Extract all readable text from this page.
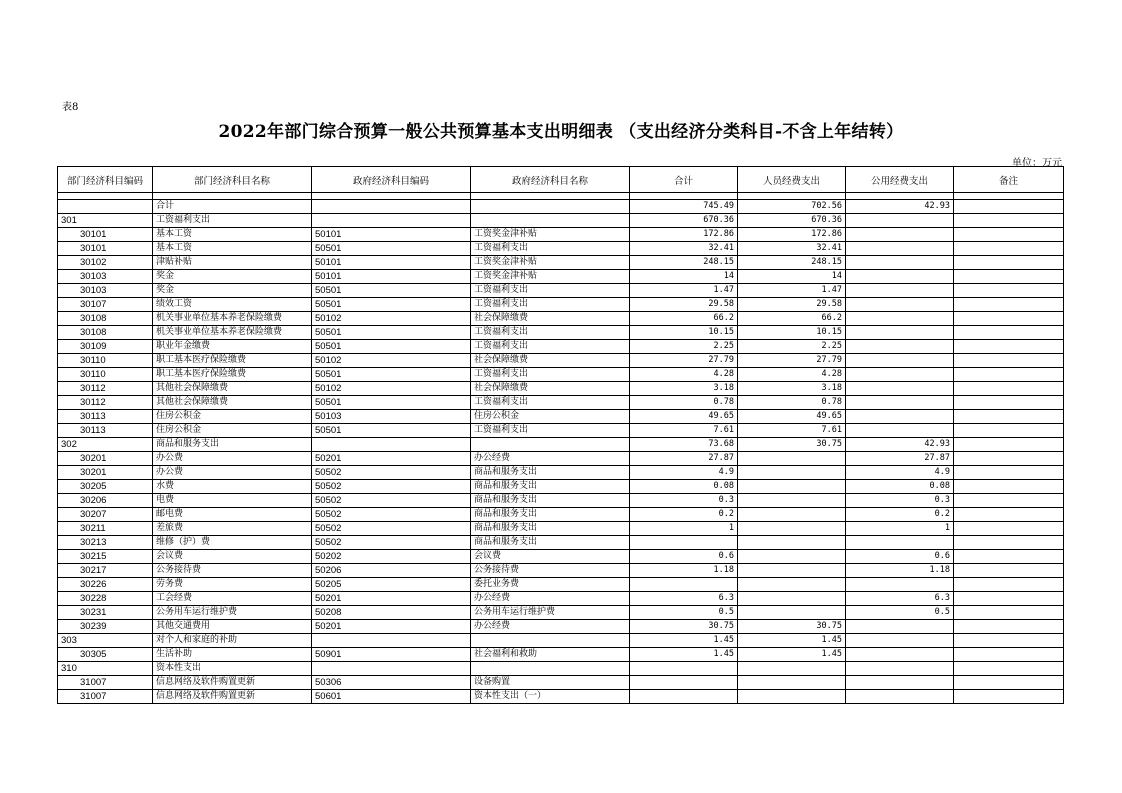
表8
2022年部门综合预算一般公共预算基本支出明细表 （支出经济分类科目-不含上年结转）
单位：万元
部门经济科目编码	部门经济科目名称	政府经济科目编码	政府经济科目名称	合计	人员经费支出	公用经费支出	备注

	合计			745.49	702.56	42.93	
301	工资福利支出			670.36	670.36		
30101	基本工资	50101	工资奖金津补贴	172.86	172.86		
30101	基本工资	50501	工资福利支出	32.41	32.41		
30102	津贴补贴	50101	工资奖金津补贴	248.15	248.15		
30103	奖金	50101	工资奖金津补贴	14	14		
30103	奖金	50501	工资福利支出	1.47	1.47		
30107	绩效工资	50501	工资福利支出	29.58	29.58		
30108	机关事业单位基本养老保险缴费	50102	社会保障缴费	66.2	66.2		
30108	机关事业单位基本养老保险缴费	50501	工资福利支出	10.15	10.15		
30109	职业年金缴费	50501	工资福利支出	2.25	2.25		
30110	职工基本医疗保险缴费	50102	社会保障缴费	27.79	27.79		
30110	职工基本医疗保险缴费	50501	工资福利支出	4.28	4.28		
30112	其他社会保障缴费	50102	社会保障缴费	3.18	3.18		
30112	其他社会保障缴费	50501	工资福利支出	0.78	0.78		
30113	住房公积金	50103	住房公积金	49.65	49.65		
30113	住房公积金	50501	工资福利支出	7.61	7.61		
302	商品和服务支出			73.68	30.75	42.93	
30201	办公费	50201	办公经费	27.87		27.87	
30201	办公费	50502	商品和服务支出	4.9		4.9	
30205	水费	50502	商品和服务支出	0.08		0.08	
30206	电费	50502	商品和服务支出	0.3		0.3	
30207	邮电费	50502	商品和服务支出	0.2		0.2	
30211	差旅费	50502	商品和服务支出	1		1	
30213	维修（护）费	50502	商品和服务支出				
30215	会议费	50202	会议费	0.6		0.6	
30217	公务接待费	50206	公务接待费	1.18		1.18	
30226	劳务费	50205	委托业务费				
30228	工会经费	50201	办公经费	6.3		6.3	
30231	公务用车运行维护费	50208	公务用车运行维护费	0.5		0.5	
30239	其他交通费用	50201	办公经费	30.75	30.75		
303	对个人和家庭的补助			1.45	1.45		
30305	生活补助	50901	社会福利和救助	1.45	1.45		
310	资本性支出						
31007	信息网络及软件购置更新	50306	设备购置				
31007	信息网络及软件购置更新	50601	资本性支出（一）				
